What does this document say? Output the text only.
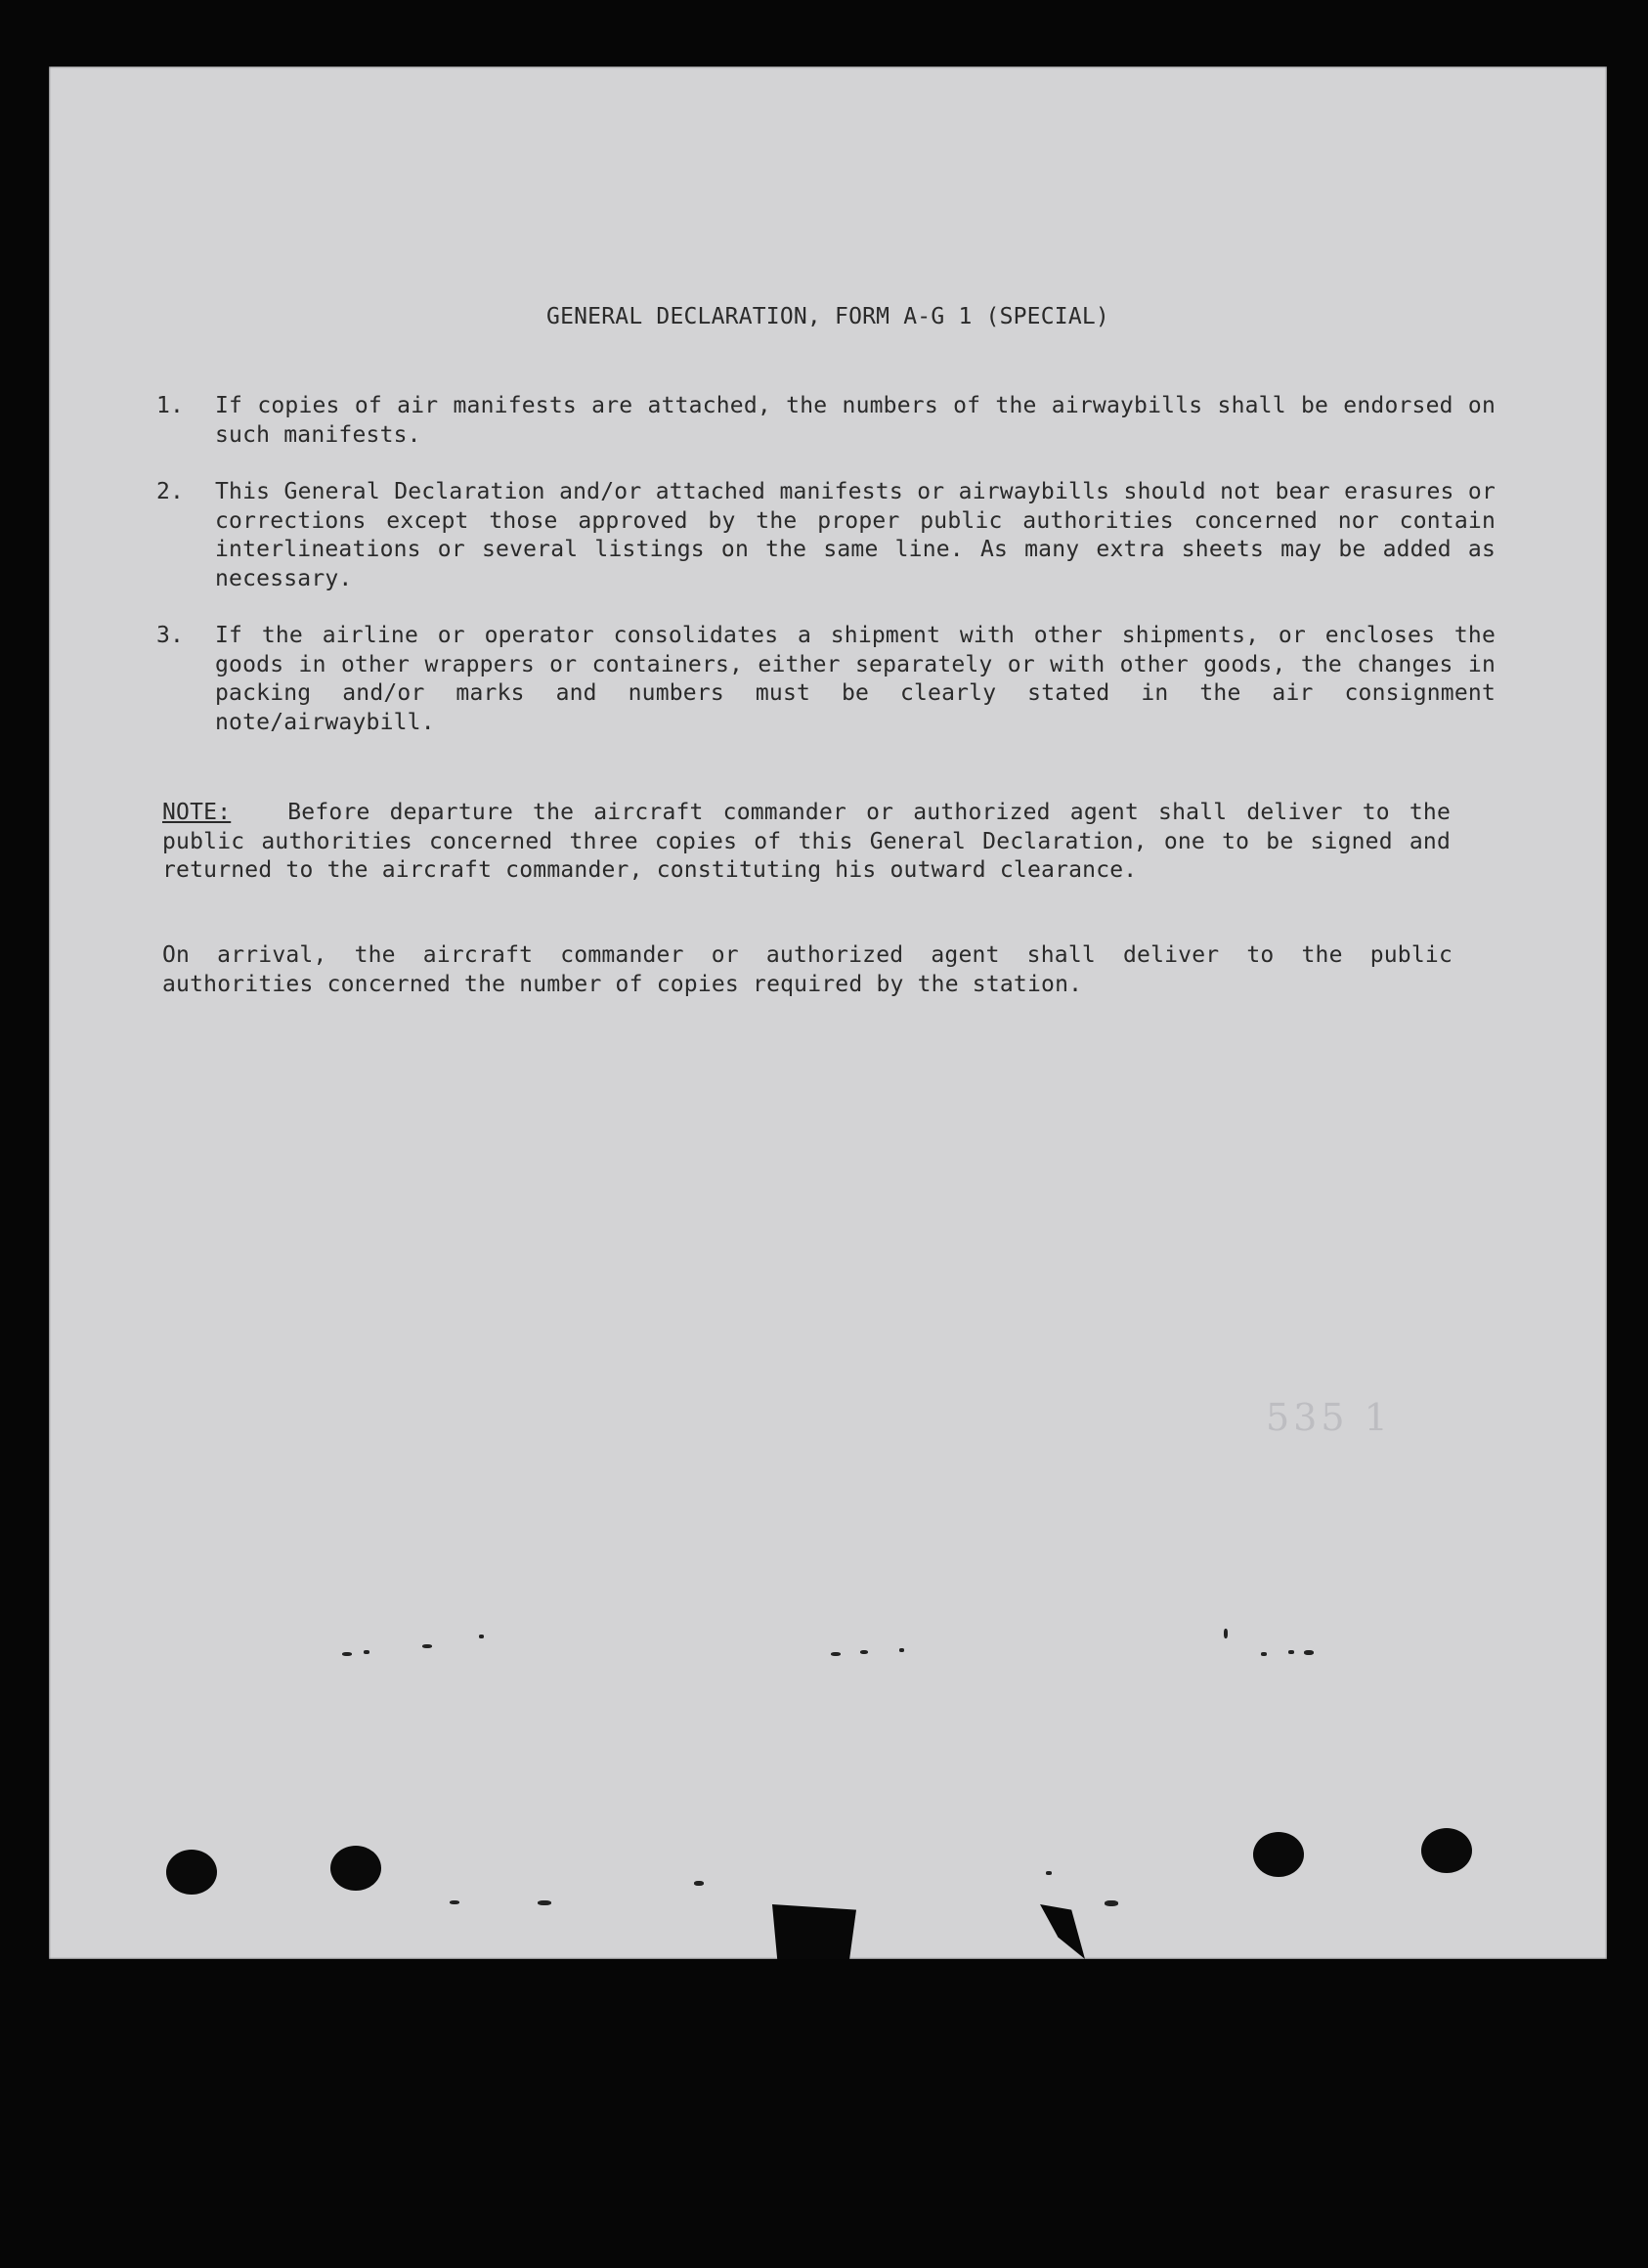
GENERAL DECLARATION, FORM A-G 1 (SPECIAL)
1. If copies of air manifests are attached, the numbers of the airwaybills shall be endorsed on such manifests.
2. This General Declaration and/or attached manifests or airwaybills should not bear erasures or corrections except those approved by the proper public authorities concerned nor contain interlineations or several listings on the same line. As many extra sheets may be added as necessary.
3. If the airline or operator consolidates a shipment with other shipments, or encloses the goods in other wrappers or containers, either separately or with other goods, the changes in packing and/or marks and numbers must be clearly stated in the air consignment note/airwaybill.
NOTE:	Before departure the aircraft commander or authorized agent shall deliver to the public authorities concerned three copies of this General Declaration, one to be signed and returned to the aircraft commander, constituting his outward clearance.
On arrival, the aircraft commander or authorized agent shall deliver to the public authorities concerned the number of copies required by the station.
535 1
